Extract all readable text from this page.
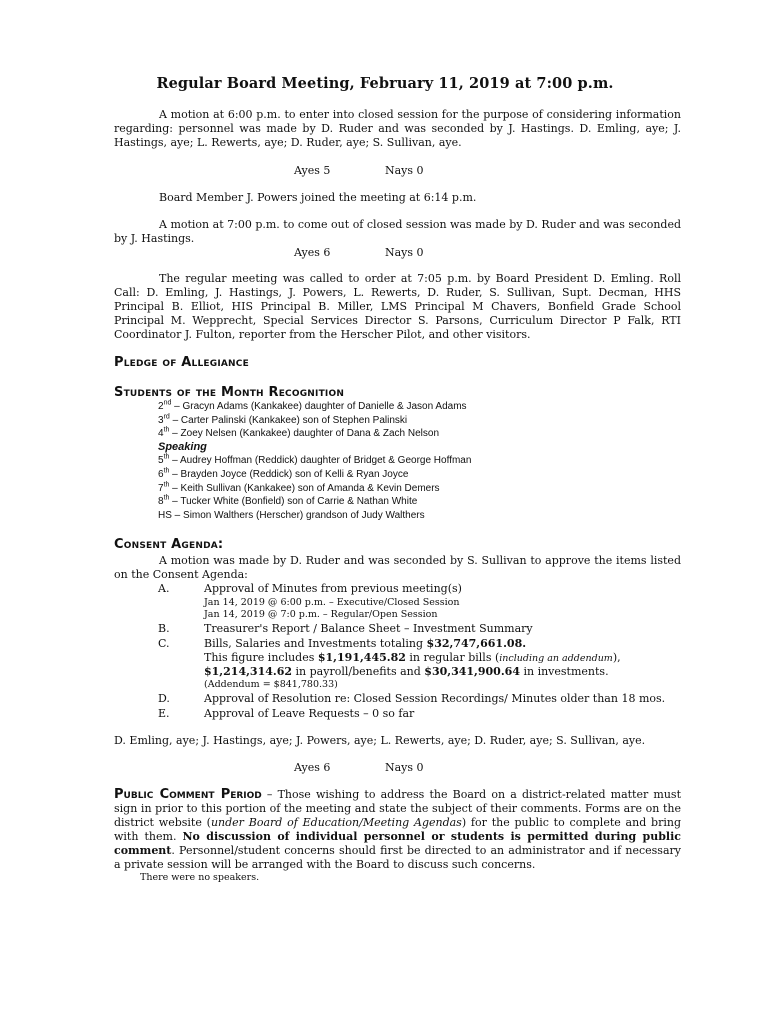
Regular Board Meeting, February 11, 2019 at 7:00 p.m.
A motion at 6:00 p.m. to enter into closed session for the purpose of considering information regarding: personnel was made by D. Ruder and was seconded by J. Hastings. D. Emling, aye; J. Hastings, aye; L. Rewerts, aye; D. Ruder, aye; S. Sullivan, aye.
Ayes 5	Nays 0
Board Member J. Powers joined the meeting at 6:14 p.m.
A motion at 7:00 p.m. to come out of closed session was made by D. Ruder and was seconded by J. Hastings.
Ayes 6	Nays 0
The regular meeting was called to order at 7:05 p.m. by Board President D. Emling. Roll Call: D. Emling, J. Hastings, J. Powers, L. Rewerts, D. Ruder, S. Sullivan, Supt. Decman, HHS Principal B. Elliot, HIS Principal B. Miller, LMS Principal M Chavers, Bonfield Grade School Principal M. Wepprecht, Special Services Director S. Parsons, Curriculum Director P Falk, RTI Coordinator J. Fulton, reporter from the Herscher Pilot, and other visitors.
Pledge of Allegiance
Students of the Month Recognition
2nd – Gracyn Adams (Kankakee) daughter of Danielle & Jason Adams
3rd – Carter Palinski (Kankakee) son of Stephen Palinski
4th – Zoey Nelsen (Kankakee) daughter of Dana & Zach Nelson
Speaking
5th – Audrey Hoffman (Reddick) daughter of Bridget & George Hoffman
6th – Brayden Joyce (Reddick) son of Kelli & Ryan Joyce
7th – Keith Sullivan (Kankakee) son of Amanda & Kevin Demers
8th – Tucker White (Bonfield) son of Carrie & Nathan White
HS – Simon Walthers (Herscher) grandson of Judy Walthers
Consent Agenda:
A motion was made by D. Ruder and was seconded by S. Sullivan to approve the items listed on the Consent Agenda:
A.	Approval of Minutes from previous meeting(s)
Jan 14, 2019 @ 6:00 p.m. – Executive/Closed Session
Jan 14, 2019 @ 7:0 p.m. – Regular/Open Session
B.	Treasurer's Report / Balance Sheet – Investment Summary
C.	Bills, Salaries and Investments totaling $32,747,661.08.
This figure includes $1,191,445.82 in regular bills (including an addendum),
$1,214,314.62 in payroll/benefits and $30,341,900.64 in investments.
(Addendum = $841,780.33)
D.	Approval of Resolution re: Closed Session Recordings/ Minutes older than 18 mos.
E.	Approval of Leave Requests – 0 so far
D. Emling, aye; J. Hastings, aye; J. Powers, aye; L. Rewerts, aye; D. Ruder, aye; S. Sullivan, aye.
Ayes 6	Nays 0
Public Comment Period – Those wishing to address the Board on a district-related matter must sign in prior to this portion of the meeting and state the subject of their comments. Forms are on the district website (under Board of Education/Meeting Agendas) for the public to complete and bring with them. No discussion of individual personnel or students is permitted during public comment. Personnel/student concerns should first be directed to an administrator and if necessary a private session will be arranged with the Board to discuss such concerns.
There were no speakers.
